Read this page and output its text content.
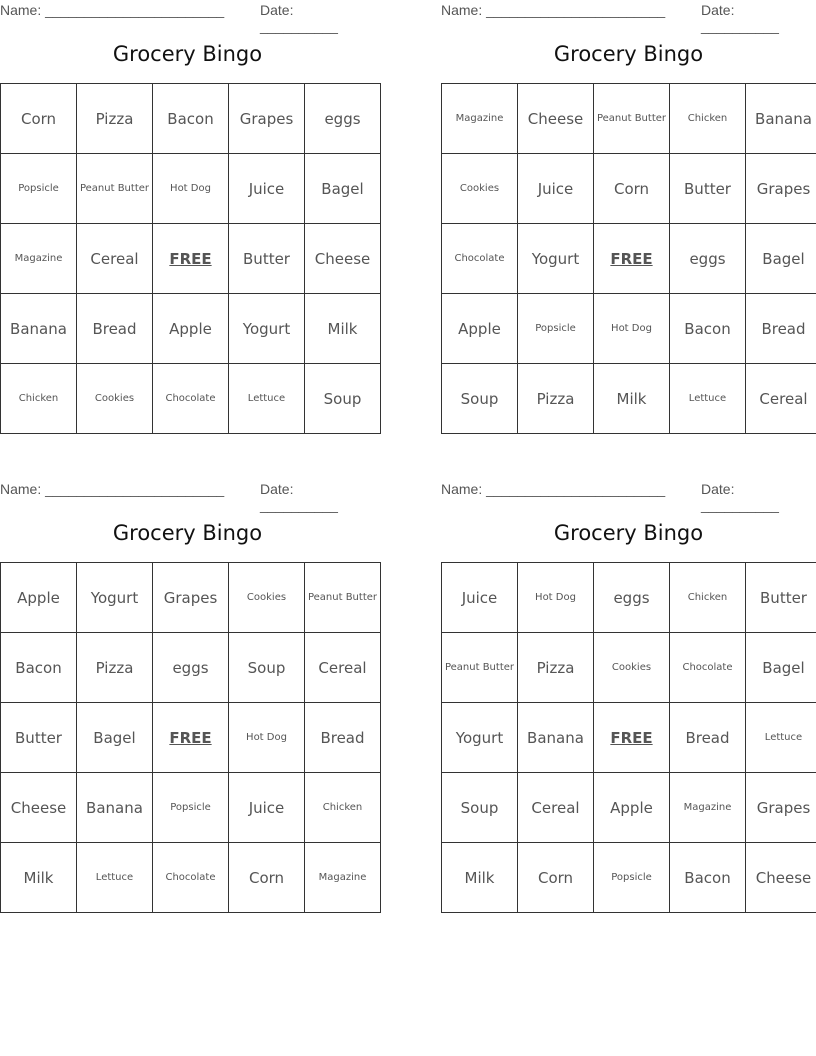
Name: _______________________	Date: __________
Grocery Bingo
Corn	Pizza	Bacon	Grapes	eggs
Popsicle	Peanut Butter	Hot Dog	Juice	Bagel
Magazine	Cereal	FREE	Butter	Cheese
Banana	Bread	Apple	Yogurt	Milk
Chicken	Cookies	Chocolate	Lettuce	Soup
Name: _______________________	Date: __________
Grocery Bingo
Magazine	Cheese	Peanut Butter	Chicken	Banana
Cookies	Juice	Corn	Butter	Grapes
Chocolate	Yogurt	FREE	eggs	Bagel
Apple	Popsicle	Hot Dog	Bacon	Bread
Soup	Pizza	Milk	Lettuce	Cereal
Name: _______________________	Date: __________
Grocery Bingo
Apple	Yogurt	Grapes	Cookies	Peanut Butter
Bacon	Pizza	eggs	Soup	Cereal
Butter	Bagel	FREE	Hot Dog	Bread
Cheese	Banana	Popsicle	Juice	Chicken
Milk	Lettuce	Chocolate	Corn	Magazine
Name: _______________________	Date: __________
Grocery Bingo
Juice	Hot Dog	eggs	Chicken	Butter
Peanut Butter	Pizza	Cookies	Chocolate	Bagel
Yogurt	Banana	FREE	Bread	Lettuce
Soup	Cereal	Apple	Magazine	Grapes
Milk	Corn	Popsicle	Bacon	Cheese
